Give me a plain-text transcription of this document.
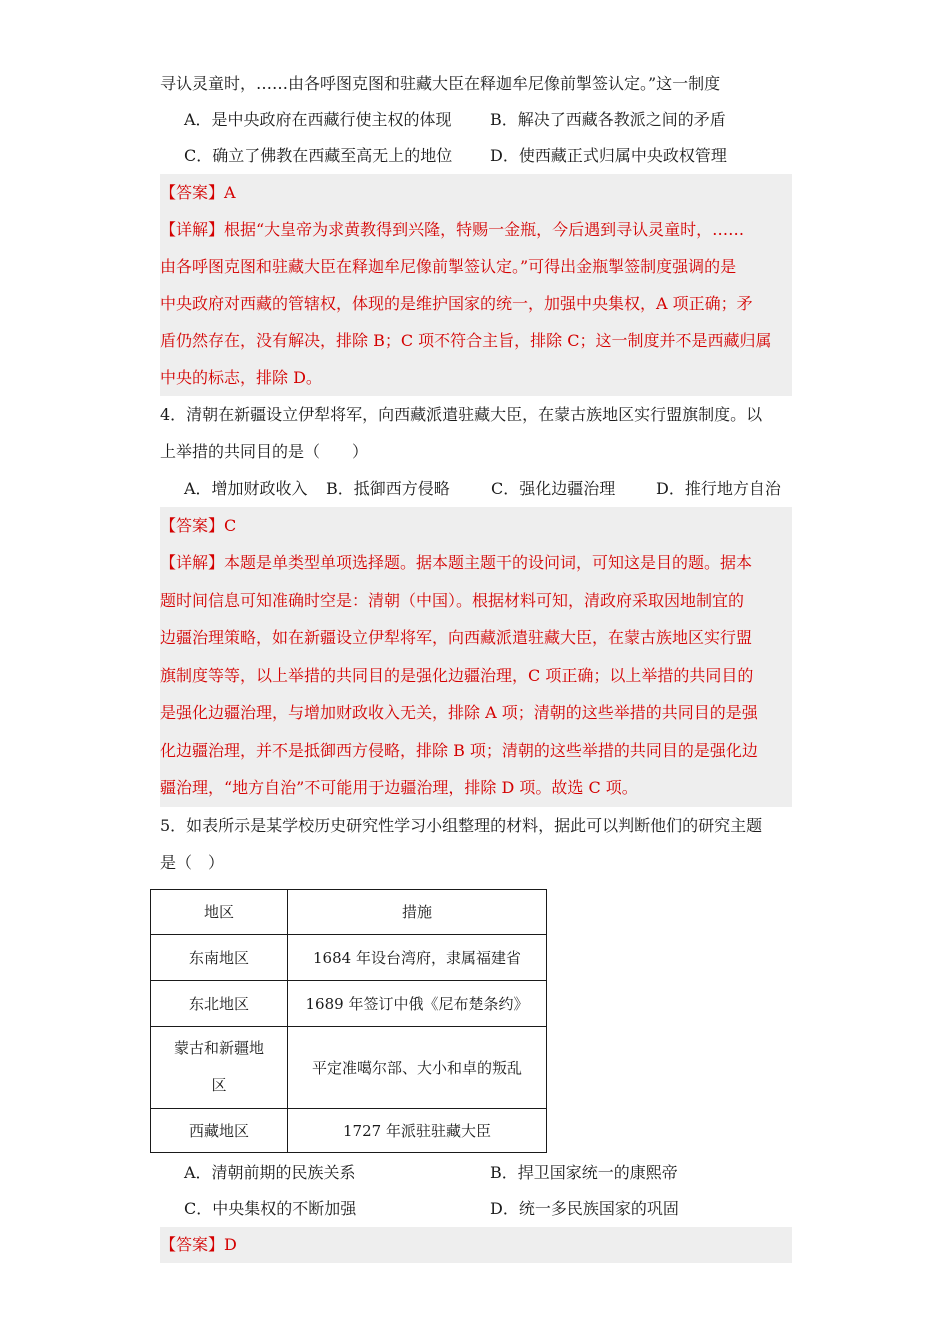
寻认灵童时，……由各呼图克图和驻藏大臣在释迦牟尼像前掣签认定。”这一制度
A．是中央政府在西藏行使主权的体现	B．解决了西藏各教派之间的矛盾
C．确立了佛教在西藏至高无上的地位	D．使西藏正式归属中央政权管理
【答案】A
【详解】根据“大皇帝为求黄教得到兴隆，特赐一金瓶，今后遇到寻认灵童时，……
由各呼图克图和驻藏大臣在释迦牟尼像前掣签认定。”可得出金瓶掣签制度强调的是
中央政府对西藏的管辖权，体现的是维护国家的统一，加强中央集权，A 项正确；矛
盾仍然存在，没有解决，排除 B；C 项不符合主旨，排除 C；这一制度并不是西藏归属
中央的标志，排除 D。
4．清朝在新疆设立伊犁将军，向西藏派遣驻藏大臣，在蒙古族地区实行盟旗制度。以
上举措的共同目的是（　　）
A．增加财政收入	B．抵御西方侵略	C．强化边疆治理	D．推行地方自治
【答案】C
【详解】本题是单类型单项选择题。据本题主题干的设问词，可知这是目的题。据本
题时间信息可知准确时空是：清朝（中国）。根据材料可知，清政府采取因地制宜的
边疆治理策略，如在新疆设立伊犁将军，向西藏派遣驻藏大臣，在蒙古族地区实行盟
旗制度等等，以上举措的共同目的是强化边疆治理，C 项正确；以上举措的共同目的
是强化边疆治理，与增加财政收入无关，排除 A 项；清朝的这些举措的共同目的是强
化边疆治理，并不是抵御西方侵略，排除 B 项；清朝的这些举措的共同目的是强化边
疆治理，“地方自治”不可能用于边疆治理，排除 D 项。故选 C 项。
5．如表所示是某学校历史研究性学习小组整理的材料，据此可以判断他们的研究主题
是（　）
地区	措施
东南地区	1684 年设台湾府，隶属福建省
东北地区	1689 年签订中俄《尼布楚条约》

蒙古和新疆地
区	平定准噶尔部、大小和卓的叛乱
西藏地区	1727 年派驻驻藏大臣
A．清朝前期的民族关系	B．捍卫国家统一的康熙帝
C．中央集权的不断加强	D．统一多民族国家的巩固
【答案】D
